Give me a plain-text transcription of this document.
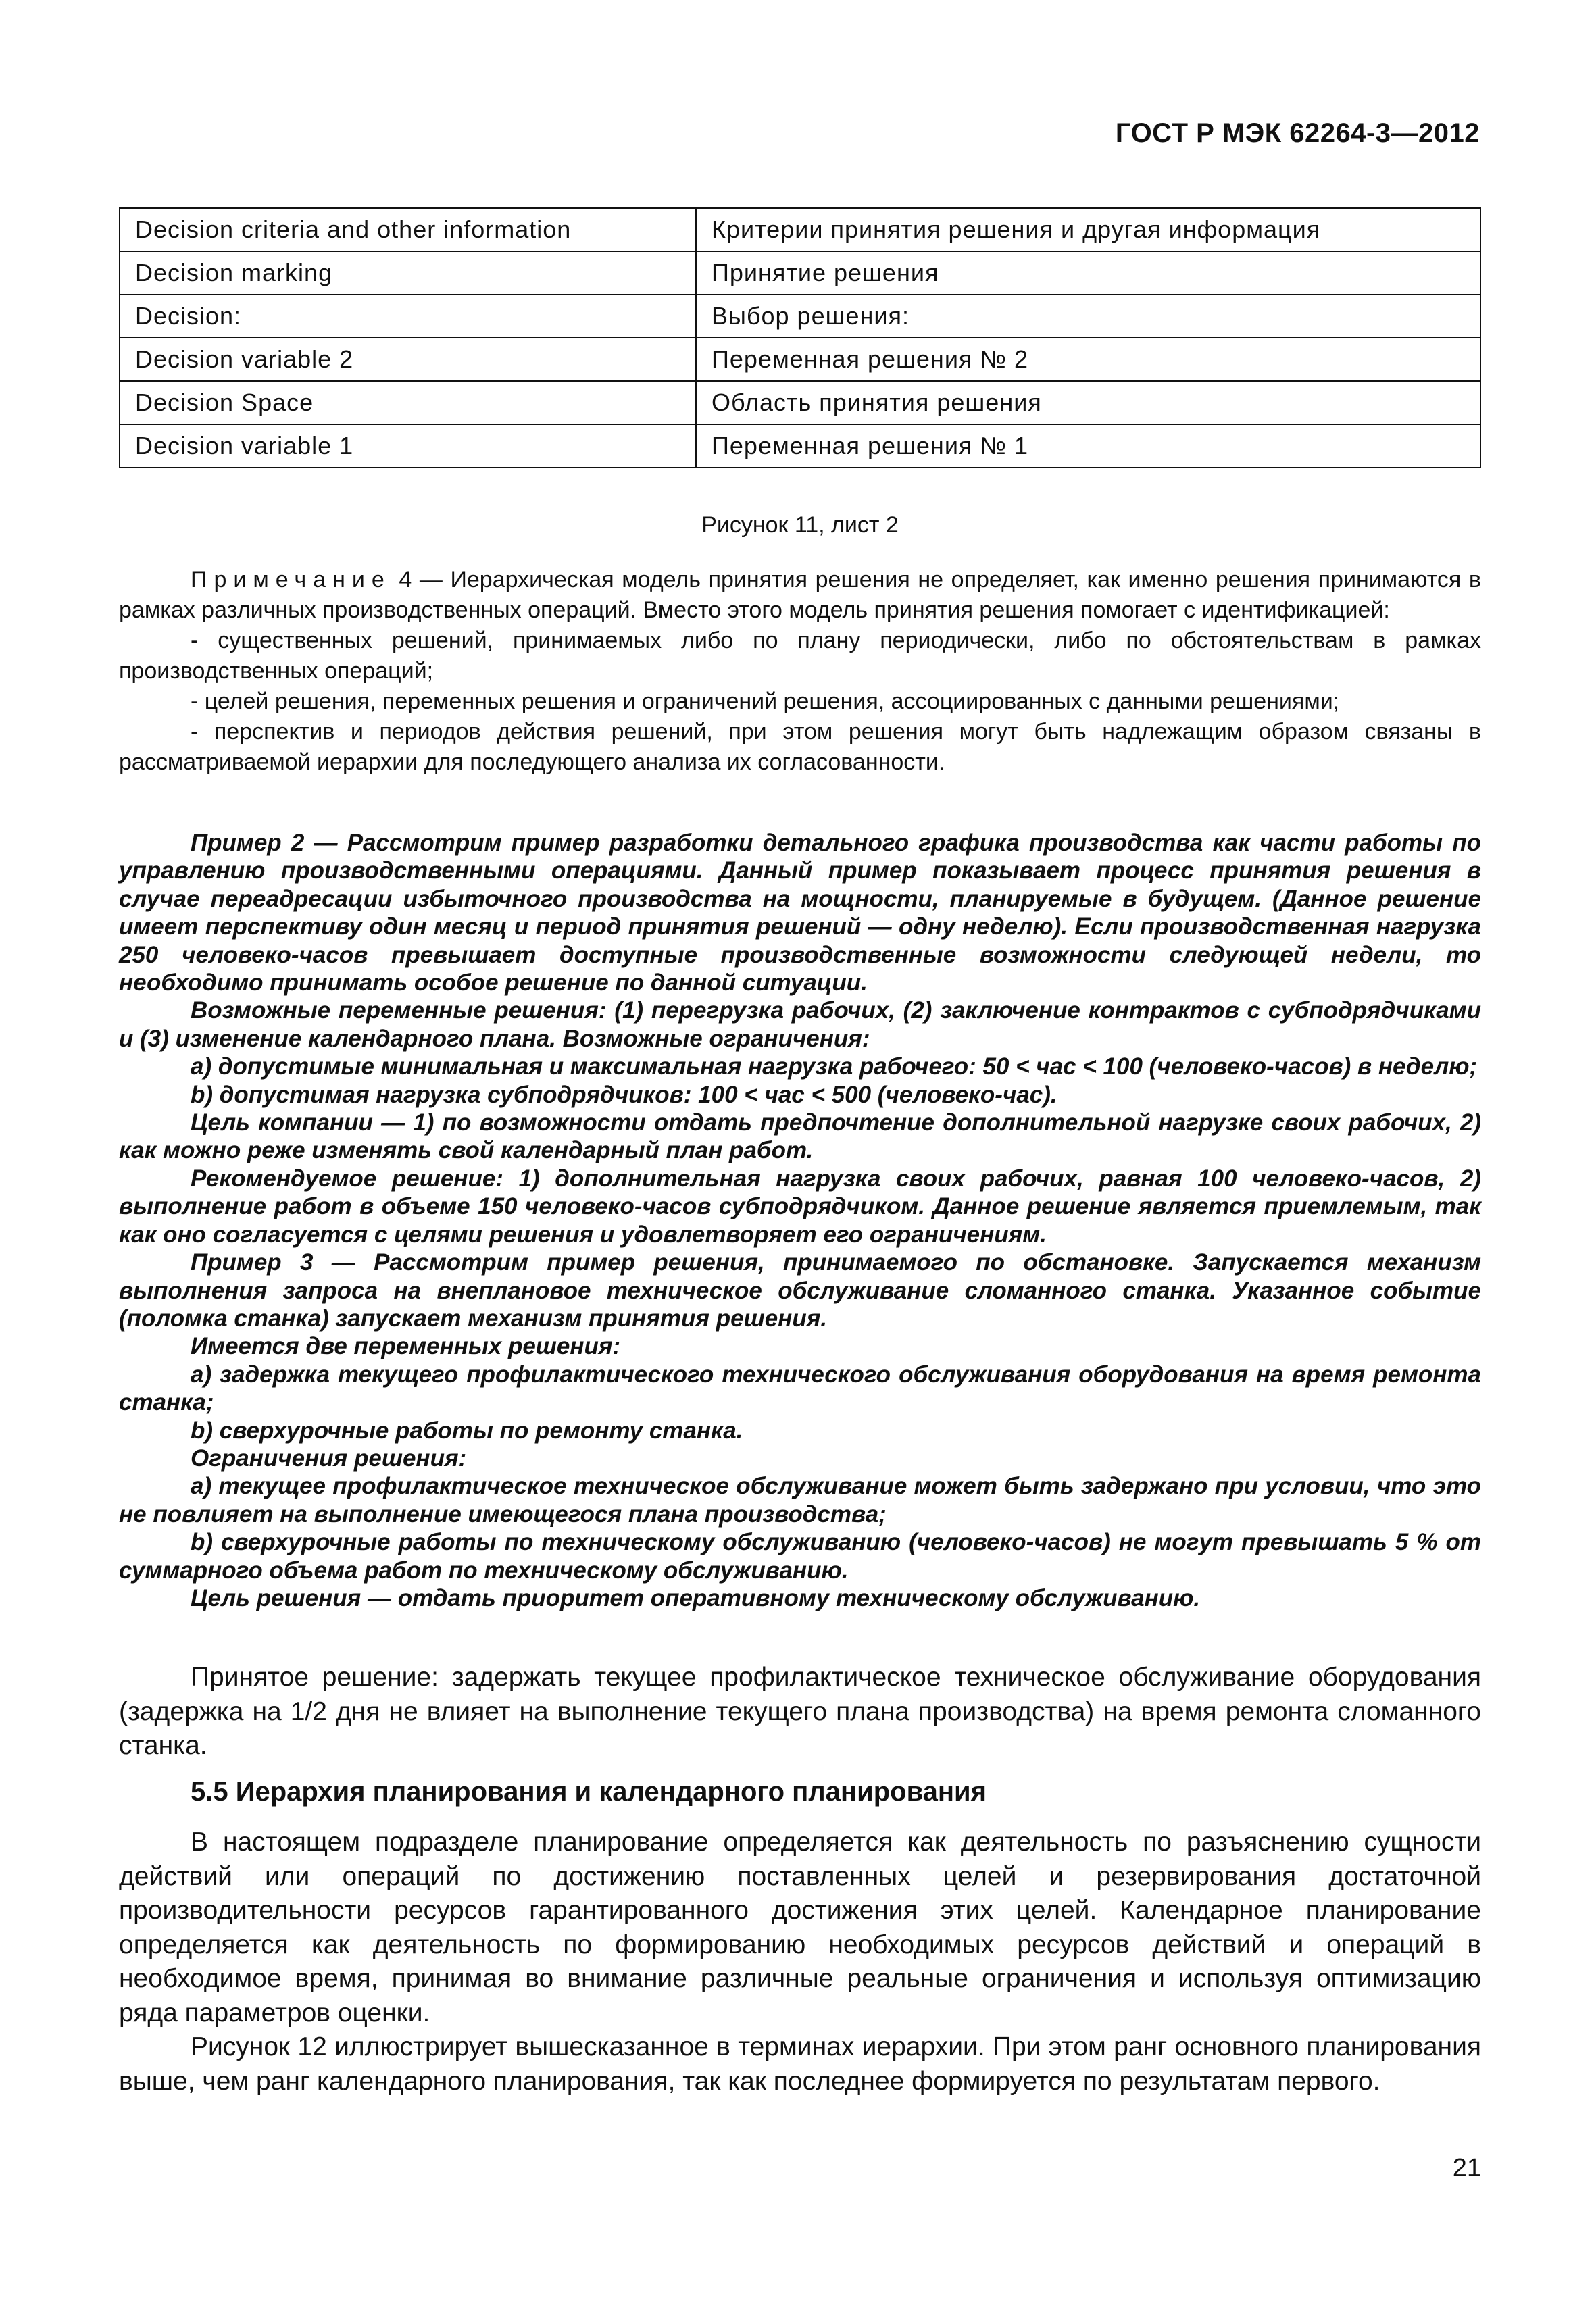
ГОСТ Р МЭК 62264-3—2012
Decision criteria and other information	Критерии принятия решения и другая информация
Decision marking	Принятие решения
Decision:	Выбор решения:
Decision variable 2	Переменная решения № 2
Decision Space	Область принятия решения
Decision variable 1	Переменная решения № 1
Рисунок 11, лист 2

Примечание 4 — Иерархическая модель принятия решения не определяет, как именно решения принимаются в рамках различных производственных операций. Вместо этого модель принятия решения помогает с идентификацией:

- существенных решений, принимаемых либо по плану периодически, либо по обстоятельствам в рамках производственных операций;

- целей решения, переменных решения и ограничений решения, ассоциированных с данными решениями;

- перспектив и периодов действия решений, при этом решения могут быть надлежащим образом связаны в рассматриваемой иерархии для последующего анализа их согласованности.

Пример 2 — Рассмотрим пример разработки детального графика производства как части работы по управлению производственными операциями. Данный пример показывает процесс принятия решения в случае переадресации избыточного производства на мощности, планируемые в будущем. (Данное решение имеет перспективу один месяц и период принятия решений — одну неделю). Если производственная нагрузка 250 человеко-часов превышает доступные производственные возможности следующей недели, то необходимо принимать особое решение по данной ситуации.

Возможные переменные решения: (1) перегрузка рабочих, (2) заключение контрактов с субподрядчиками и (3) изменение календарного плана. Возможные ограничения:

a) допустимые минимальная и максимальная нагрузка рабочего: 50 < час < 100 (человеко-часов) в неделю;

b) допустимая нагрузка субподрядчиков: 100 < час < 500 (человеко-час).

Цель компании — 1) по возможности отдать предпочтение дополнительной нагрузке своих рабочих, 2) как можно реже изменять свой календарный план работ.

Рекомендуемое решение: 1) дополнительная нагрузка своих рабочих, равная 100 человеко-часов, 2) выполнение работ в объеме 150 человеко-часов субподрядчиком. Данное решение является приемлемым, так как оно согласуется с целями решения и удовлетворяет его ограничениям.

Пример 3 — Рассмотрим пример решения, принимаемого по обстановке. Запускается механизм выполнения запроса на внеплановое техническое обслуживание сломанного станка. Указанное событие (поломка станка) запускает механизм принятия решения.

Имеется две переменных решения:

a) задержка текущего профилактического технического обслуживания оборудования на время ремонта станка;

b) сверхурочные работы по ремонту станка.

Ограничения решения:

a) текущее профилактическое техническое обслуживание может быть задержано при условии, что это не повлияет на выполнение имеющегося плана производства;

b) сверхурочные работы по техническому обслуживанию (человеко-часов) не могут превышать 5 % от суммарного объема работ по техническому обслуживанию.

Цель решения — отдать приоритет оперативному техническому обслуживанию.

Принятое решение: задержать текущее профилактическое техническое обслуживание оборудования (задержка на 1/2 дня не влияет на выполнение текущего плана производства) на время ремонта сломанного станка.

5.5 Иерархия планирования и календарного планирования

В настоящем подразделе планирование определяется как деятельность по разъяснению сущности действий или операций по достижению поставленных целей и резервирования достаточной производительности ресурсов гарантированного достижения этих целей. Календарное планирование определяется как деятельность по формированию необходимых ресурсов действий и операций в необходимое время, принимая во внимание различные реальные ограничения и используя оптимизацию ряда параметров оценки.

Рисунок 12 иллюстрирует вышесказанное в терминах иерархии. При этом ранг основного планирования выше, чем ранг календарного планирования, так как последнее формируется по результатам первого.

21
